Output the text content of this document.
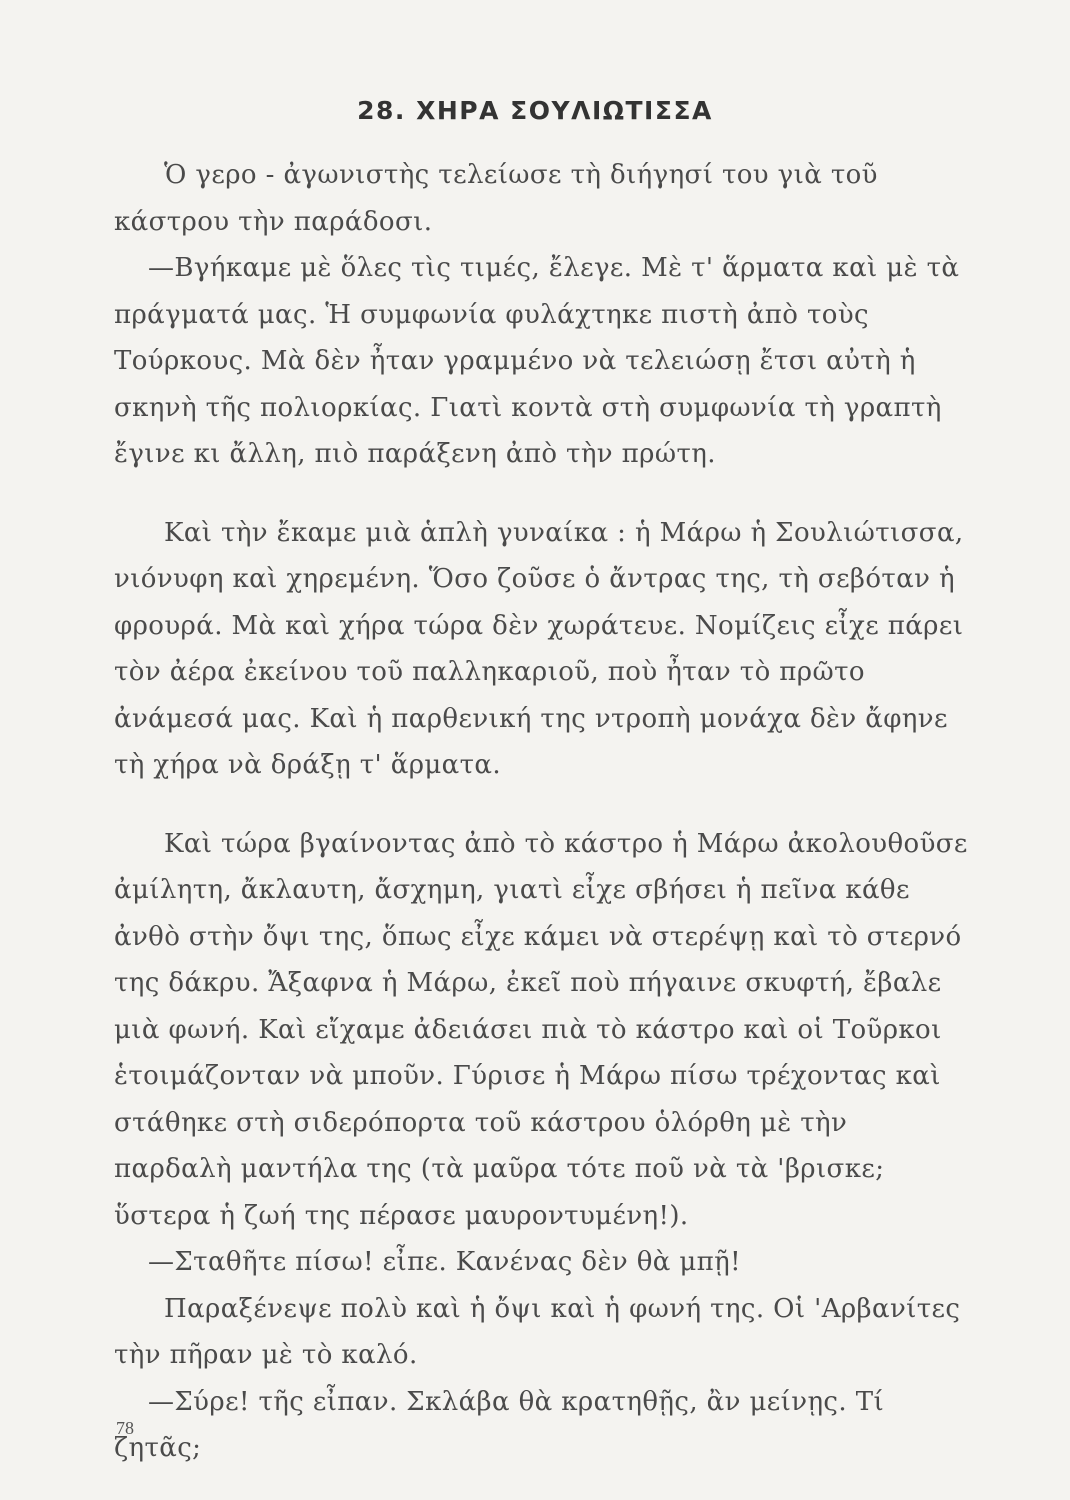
28. ΧΗΡΑ ΣΟΥΛΙΩΤΙΣΣΑ

Ὁ γερο - ἀγωνιστὴς τελείωσε τὴ διήγησί του γιὰ τοῦ κάστρου τὴν παράδοσι.

—Βγήκαμε μὲ ὅλες τὶς τιμές, ἔλεγε. Μὲ τ' ἅρματα καὶ μὲ τὰ πράγματά μας. Ἡ συμφωνία φυλάχτηκε πιστὴ ἀπὸ τοὺς Τούρκους. Μὰ δὲν ἦταν γραμμένο νὰ τελειώσῃ ἔτσι αὐτὴ ἡ σκηνὴ τῆς πολιορκίας. Γιατὶ κοντὰ στὴ συμφωνία τὴ γραπτὴ ἔγινε κι ἄλλη, πιὸ παράξενη ἀπὸ τὴν πρώτη.

Καὶ τὴν ἔκαμε μιὰ ἁπλὴ γυναίκα : ἡ Μάρω ἡ Σουλιώτισσα, νιόνυφη καὶ χηρεμένη. Ὅσο ζοῦσε ὁ ἄντρας της, τὴ σεβόταν ἡ φρουρά. Μὰ καὶ χήρα τώρα δὲν χωράτευε. Νομίζεις εἶχε πάρει τὸν ἀέρα ἐκείνου τοῦ παλληκαριοῦ, ποὺ ἦταν τὸ πρῶτο ἀνάμεσά μας. Καὶ ἡ παρθενική της ντροπὴ μονάχα δὲν ἄφηνε τὴ χήρα νὰ δράξῃ τ' ἅρματα.

Καὶ τώρα βγαίνοντας ἀπὸ τὸ κάστρο ἡ Μάρω ἀκολουθοῦσε ἀμίλητη, ἄκλαυτη, ἄσχημη, γιατὶ εἶχε σβήσει ἡ πεῖνα κάθε ἀνθὸ στὴν ὄψι της, ὅπως εἶχε κάμει νὰ στερέψῃ καὶ τὸ στερνό της δάκρυ. Ἄξαφνα ἡ Μάρω, ἐκεῖ ποὺ πήγαινε σκυφτή, ἔβαλε μιὰ φωνή. Καὶ εἴχαμε ἀδειάσει πιὰ τὸ κάστρο καὶ οἱ Τοῦρκοι ἑτοιμάζονταν νὰ μποῦν. Γύρισε ἡ Μάρω πίσω τρέχοντας καὶ στάθηκε στὴ σιδερόπορτα τοῦ κάστρου ὁλόρθη μὲ τὴν παρδαλὴ μαντήλα της (τὰ μαῦρα τότε ποῦ νὰ τὰ 'βρισκε; ὕστερα ἡ ζωή της πέρασε μαυροντυμένη!).

—Σταθῆτε πίσω! εἶπε. Κανένας δὲν θὰ μπῇ!

Παραξένεψε πολὺ καὶ ἡ ὄψι καὶ ἡ φωνή της. Οἱ 'Αρβανίτες τὴν πῆραν μὲ τὸ καλό.

—Σύρε! τῆς εἶπαν. Σκλάβα θὰ κρατηθῇς, ἂν μείνῃς. Τί ζητᾶς;

78
